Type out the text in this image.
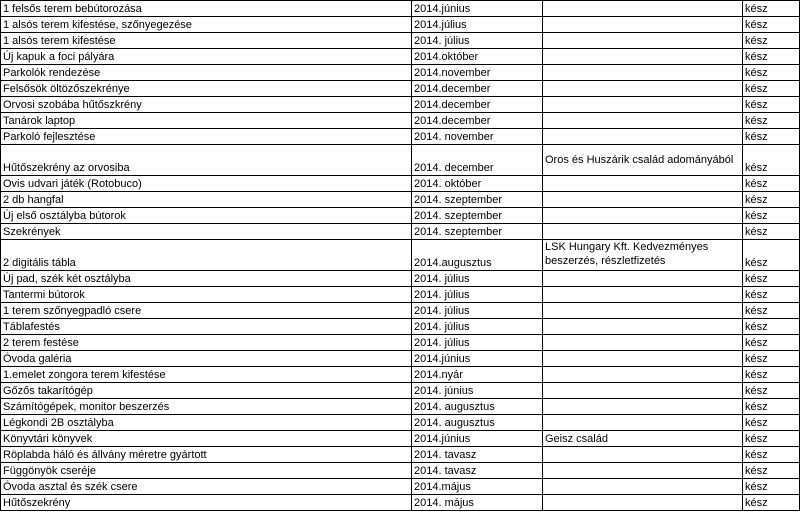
1 felsős terem bebútorozása	2014.június		kész
1 alsós terem kifestése, szőnyegezése	2014.július		kész
1 alsós terem kifestése	2014. július		kész
Új kapuk a foci pályára	2014.október		kész
Parkolók rendezése	2014.november		kész
Felsősök öltözőszekrénye	2014.december		kész
Orvosi szobába hűtőszkrény	2014.december		kész
Tanárok laptop	2014.december		kész
Parkoló fejlesztése	2014. november		kész
Hűtőszekrény az orvosiba	2014. december	Oros és Huszárik család adományából	kész
Ovis udvari játék (Rotobuco)	2014. október		kész
2 db hangfal	2014. szeptember		kész
Új első osztályba bútorok	2014. szeptember		kész
Szekrények	2014. szeptember		kész
2 digitális tábla	2014.augusztus	LSK Hungary Kft. Kedvezményes beszerzés, részletfizetés	kész
Új pad, szék két osztályba	2014. július		kész
Tantermi bútorok	2014. július		kész
1 terem szőnyegpadló csere	2014. július		kész
Táblafestés	2014. július		kész
2 terem festése	2014. július		kész
Óvoda galéria	2014.június		kész
1.emelet zongora terem kifestése	2014.nyár		kész
Gőzős takarítógép	2014. június		kész
Számítógépek, monitor beszerzés	2014. augusztus		kész
Légkondi 2B osztályba	2014. augusztus		kész
Könyvtári könyvek	2014.június	Geisz család	kész
Röplabda háló és állvány méretre gyártott	2014. tavasz		kész
Függönyök cseréje	2014. tavasz		kész
Óvoda asztal és szék csere	2014.május		kész
Hűtőszekrény	2014. május		kész
